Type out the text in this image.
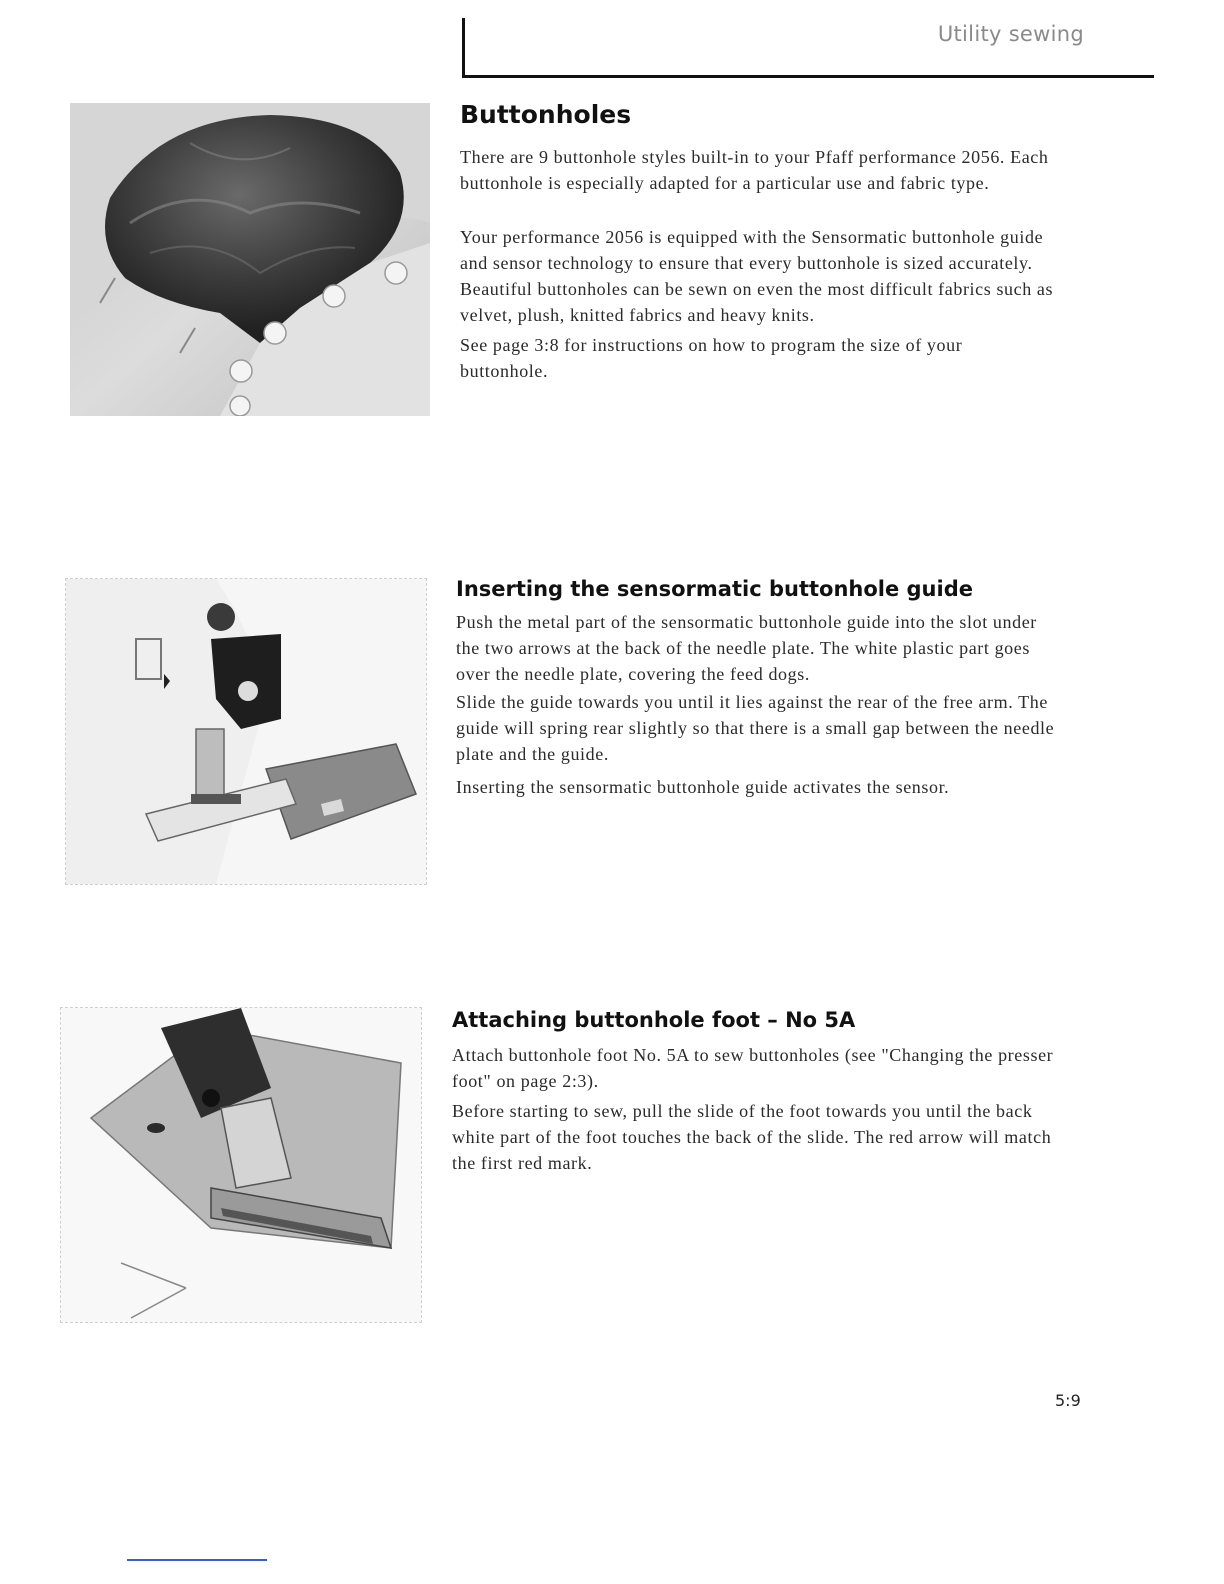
Utility sewing
Buttonholes

There are 9 buttonhole styles built-in to your Pfaff performance 2056. Each buttonhole is especially adapted for a particular use and fabric type.

Your performance 2056 is equipped with the Sensormatic buttonhole guide and sensor technology to ensure that every buttonhole is sized accurately. Beautiful buttonholes can be sewn on even the most difficult fabrics such as velvet, plush, knitted fabrics and heavy knits.

See page 3:8 for instructions on how to program the size of your buttonhole.

Inserting the sensormatic buttonhole guide

Push the metal part of the sensormatic buttonhole guide into the slot under the two arrows at the back of the needle plate. The white plastic part goes over the needle plate, covering the feed dogs.

Slide the guide towards you until it lies against the rear of the free arm. The guide will spring rear slightly so that there is a small gap between the needle plate and the guide.

Inserting the sensormatic buttonhole guide activates the sensor.

Attaching buttonhole foot – No 5A

Attach buttonhole foot No. 5A to sew buttonholes (see "Changing the presser foot" on page 2:3).

Before starting to sew, pull the slide of the foot towards you until the back white part of the foot touches the back of the slide. The red arrow will match the first red mark.

5:9
